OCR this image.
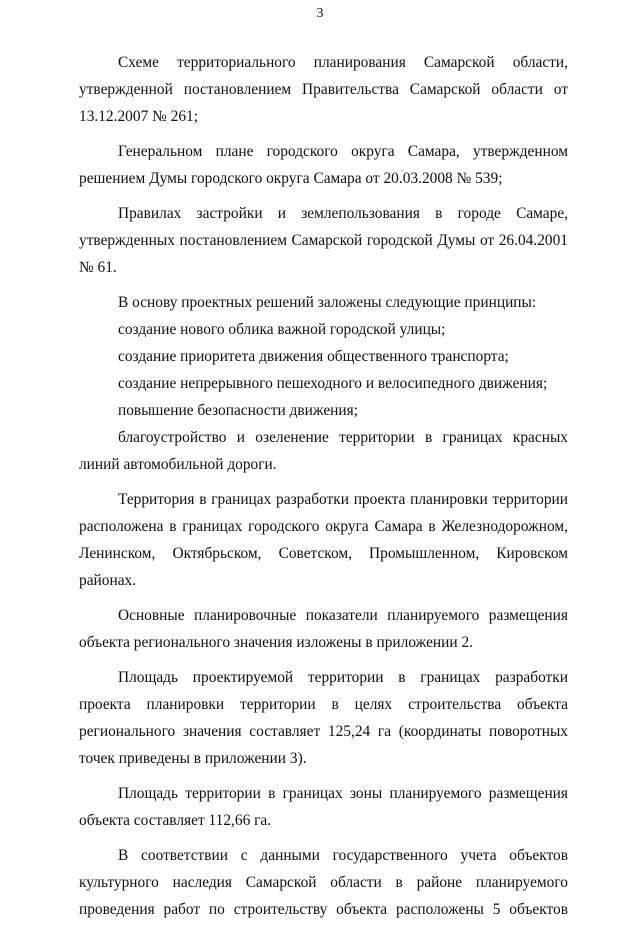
3

Схеме территориального планирования Самарской области, утвержденной постановлением Правительства Самарской области от 13.12.2007 № 261;

Генеральном плане городского округа Самара, утвержденном решением Думы городского округа Самара от 20.03.2008 № 539;

Правилах застройки и землепользования в городе Самаре, утвержденных постановлением Самарской городской Думы от 26.04.2001 № 61.

В основу проектных решений заложены следующие принципы:

создание нового облика важной городской улицы;

создание приоритета движения общественного транспорта;

создание непрерывного пешеходного и велосипедного движения;

повышение безопасности движения;

благоустройство и озеленение территории в границах красных линий автомобильной дороги.

Территория в границах разработки проекта планировки территории расположена в границах городского округа Самара в Железнодорожном, Ленинском, Октябрьском, Советском, Промышленном, Кировском районах.

Основные планировочные показатели планируемого размещения объекта регионального значения изложены в приложении 2.

Площадь проектируемой территории в границах разработки проекта планировки территории в целях строительства объекта регионального значения составляет 125,24 га (координаты поворотных точек приведены в приложении 3).

Площадь территории в границах зоны планируемого размещения объекта составляет 112,66 га.

В соответствии с данными государственного учета объектов культурного наследия Самарской области в районе планируемого проведения работ по строительству объекта расположены 5 объектов
